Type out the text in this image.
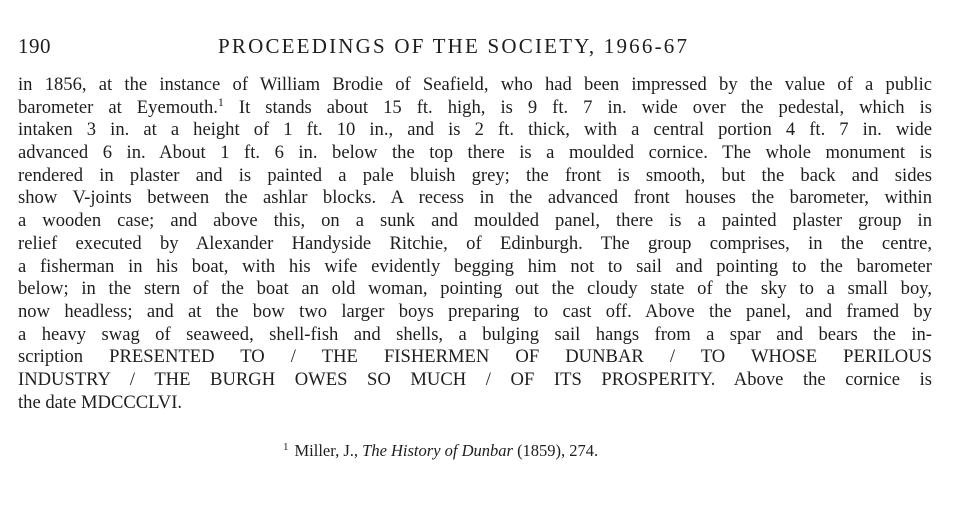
190	PROCEEDINGS OF THE SOCIETY, 1966-67
in 1856, at the instance of William Brodie of Seafield, who had been impressed by the value of a public
barometer at Eyemouth.$^1$ It stands about 15 ft. high, is 9 ft. 7 in. wide over the pedestal, which is
intaken 3 in. at a height of 1 ft. 10 in., and is 2 ft. thick, with a central portion 4 ft. 7 in. wide
advanced 6 in. About 1 ft. 6 in. below the top there is a moulded cornice. The whole monument is
rendered in plaster and is painted a pale bluish grey; the front is smooth, but the back and sides
show V-joints between the ashlar blocks. A recess in the advanced front houses the barometer, within
a wooden case; and above this, on a sunk and moulded panel, there is a painted plaster group in
relief executed by Alexander Handyside Ritchie, of Edinburgh. The group comprises, in the centre,
a fisherman in his boat, with his wife evidently begging him not to sail and pointing to the barometer
below; in the stern of the boat an old woman, pointing out the cloudy state of the sky to a small boy,
now headless; and at the bow two larger boys preparing to cast off. Above the panel, and framed by
a heavy swag of seaweed, shell-fish and shells, a bulging sail hangs from a spar and bears the in-
scription PRESENTED TO / THE FISHERMEN OF DUNBAR / TO WHOSE PERILOUS
INDUSTRY / THE BURGH OWES SO MUCH / OF ITS PROSPERITY. Above the cornice is
the date MDCCCLVI.
$^1$ Miller, J., The History of Dunbar (1859), 274.
